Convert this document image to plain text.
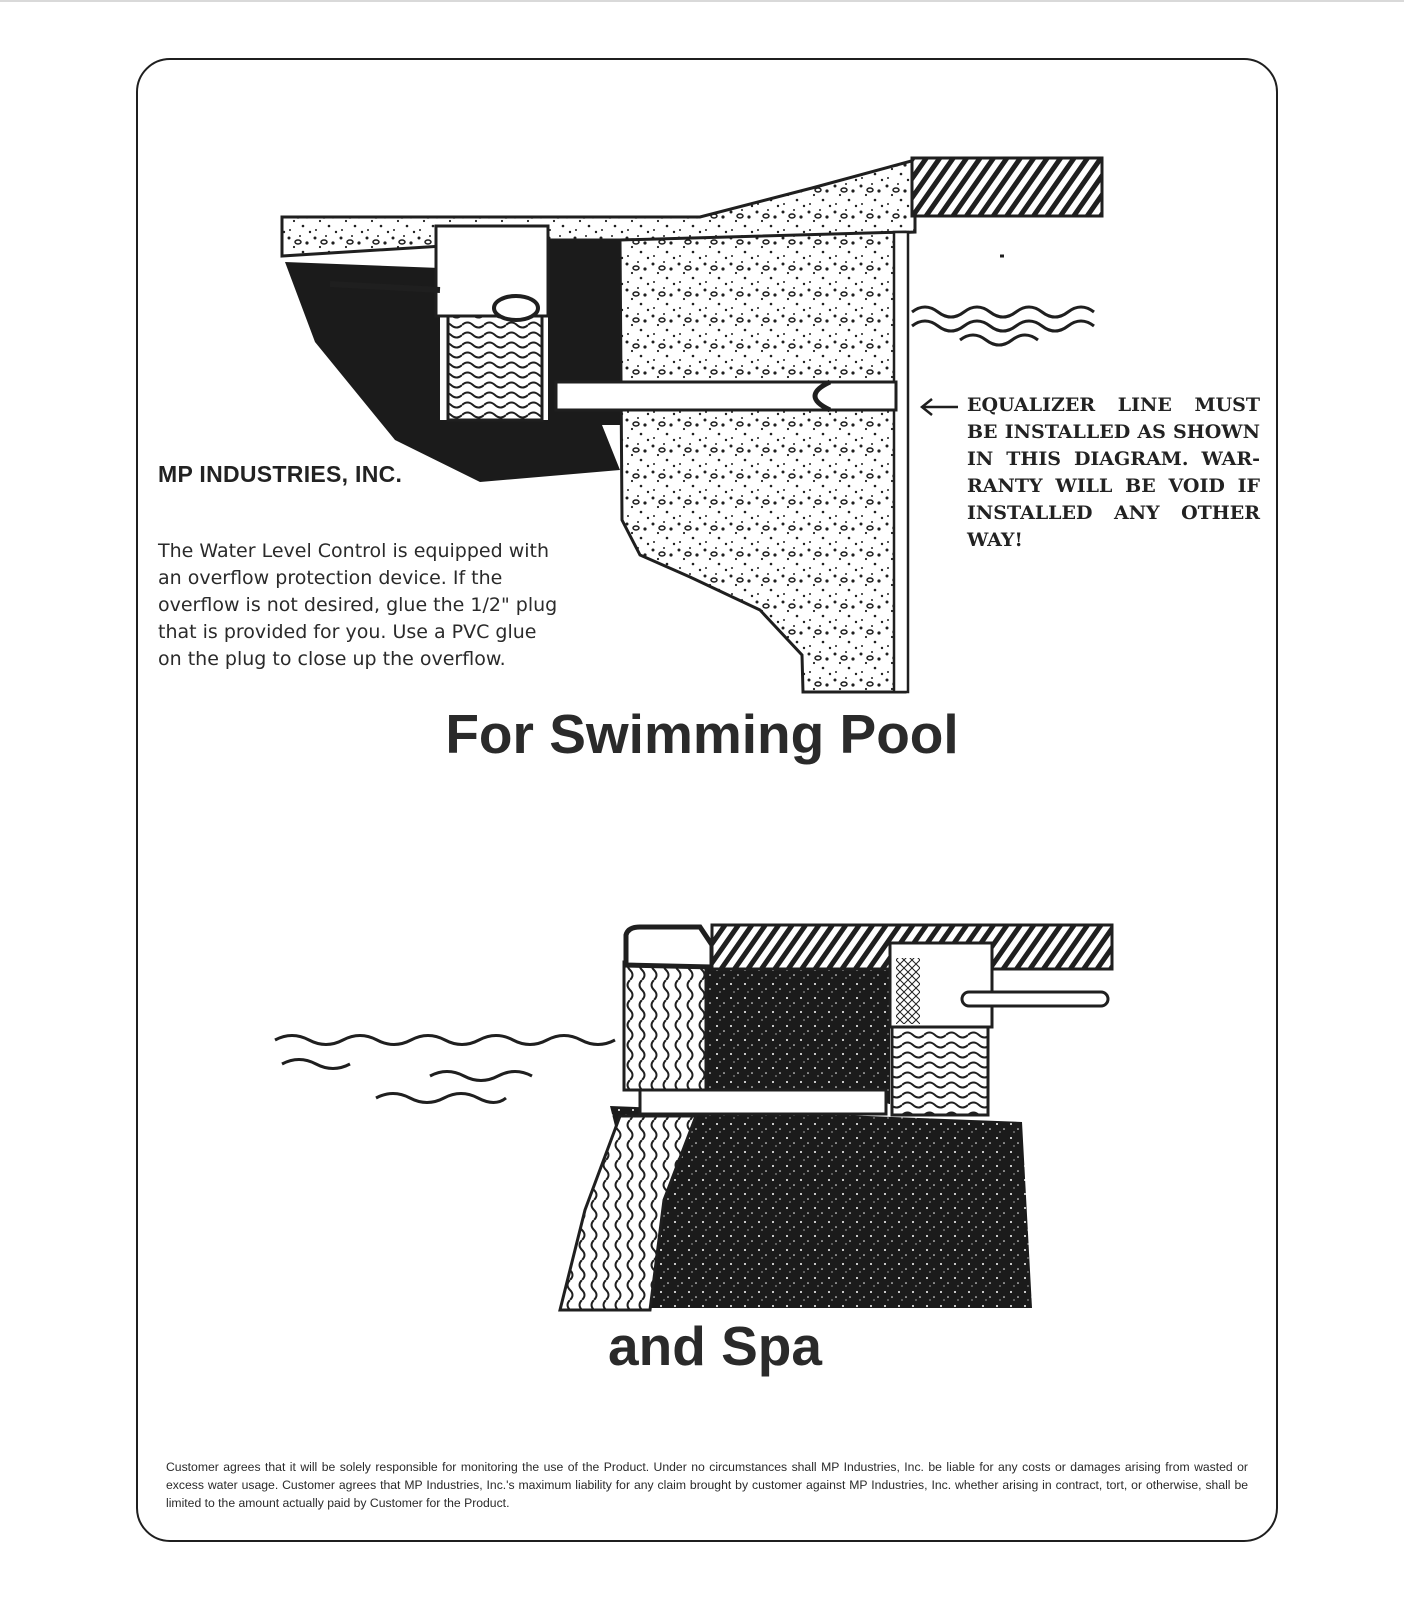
MP INDUSTRIES, INC.

The Water Level Control is equipped with an overflow protection device. If the overflow is not desired, glue the 1/2" plug that is provided for you. Use a PVC glue on the plug to close up the overflow.

EQUALIZER LINE MUST BE INSTALLED AS SHOWN IN THIS DIAGRAM. WAR-RANTY WILL BE VOID IF INSTALLED ANY OTHER WAY!

For Swimming Pool
and Spa

Customer agrees that it will be solely responsible for monitoring the use of the Product. Under no circumstances shall MP Industries, Inc. be liable for any costs or damages arising from wasted or excess water usage. Customer agrees that MP Industries, Inc.'s maximum liability for any claim brought by customer against MP Industries, Inc. whether arising in contract, tort, or otherwise, shall be limited to the amount actually paid by Customer for the Product.
